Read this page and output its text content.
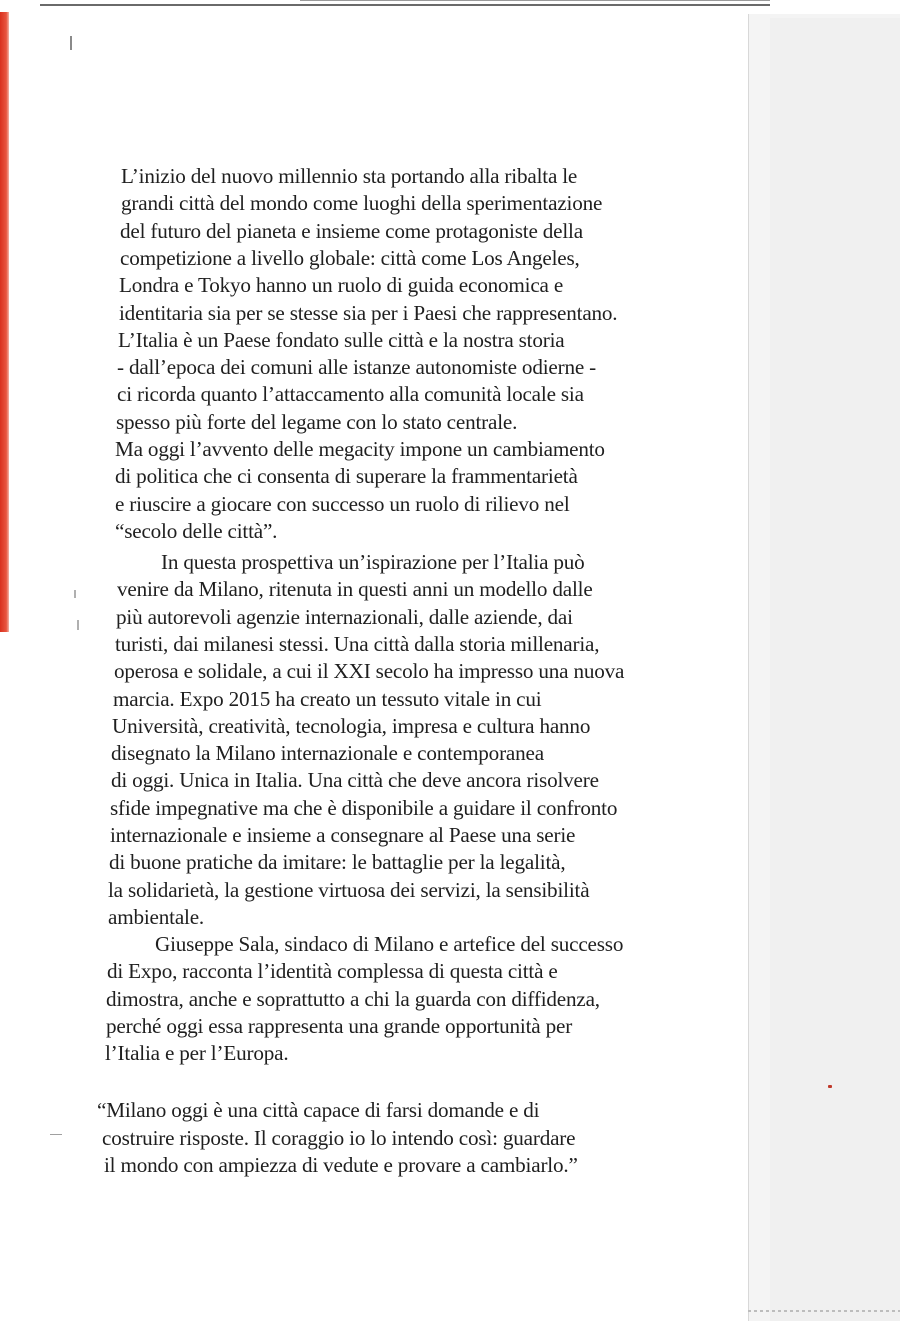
L’inizio del nuovo millennio sta portando alla ribalta le
grandi città del mondo come luoghi della sperimentazione
del futuro del pianeta e insieme come protagoniste della
competizione a livello globale: città come Los Angeles,
Londra e Tokyo hanno un ruolo di guida economica e
identitaria sia per se stesse sia per i Paesi che rappresentano.
L’Italia è un Paese fondato sulle città e la nostra storia
- dall’epoca dei comuni alle istanze autonomiste odierne -
ci ricorda quanto l’attaccamento alla comunità locale sia
spesso più forte del legame con lo stato centrale.
Ma oggi l’avvento delle megacity impone un cambiamento
di politica che ci consenta di superare la frammentarietà
e riuscire a giocare con successo un ruolo di rilievo nel
“secolo delle città”.
In questa prospettiva un’ispirazione per l’Italia può
venire da Milano, ritenuta in questi anni un modello dalle
più autorevoli agenzie internazionali, dalle aziende, dai
turisti, dai milanesi stessi. Una città dalla storia millenaria,
operosa e solidale, a cui il XXI secolo ha impresso una nuova
marcia. Expo 2015 ha creato un tessuto vitale in cui
Università, creatività, tecnologia, impresa e cultura hanno
disegnato la Milano internazionale e contemporanea
di oggi. Unica in Italia. Una città che deve ancora risolvere
sfide impegnative ma che è disponibile a guidare il confronto
internazionale e insieme a consegnare al Paese una serie
di buone pratiche da imitare: le battaglie per la legalità,
la solidarietà, la gestione virtuosa dei servizi, la sensibilità
ambientale.
Giuseppe Sala, sindaco di Milano e artefice del successo
di Expo, racconta l’identità complessa di questa città e
dimostra, anche e soprattutto a chi la guarda con diffidenza,
perché oggi essa rappresenta una grande opportunità per
l’Italia e per l’Europa.
“Milano oggi è una città capace di farsi domande e di
costruire risposte. Il coraggio io lo intendo così: guardare
il mondo con ampiezza di vedute e provare a cambiarlo.”
